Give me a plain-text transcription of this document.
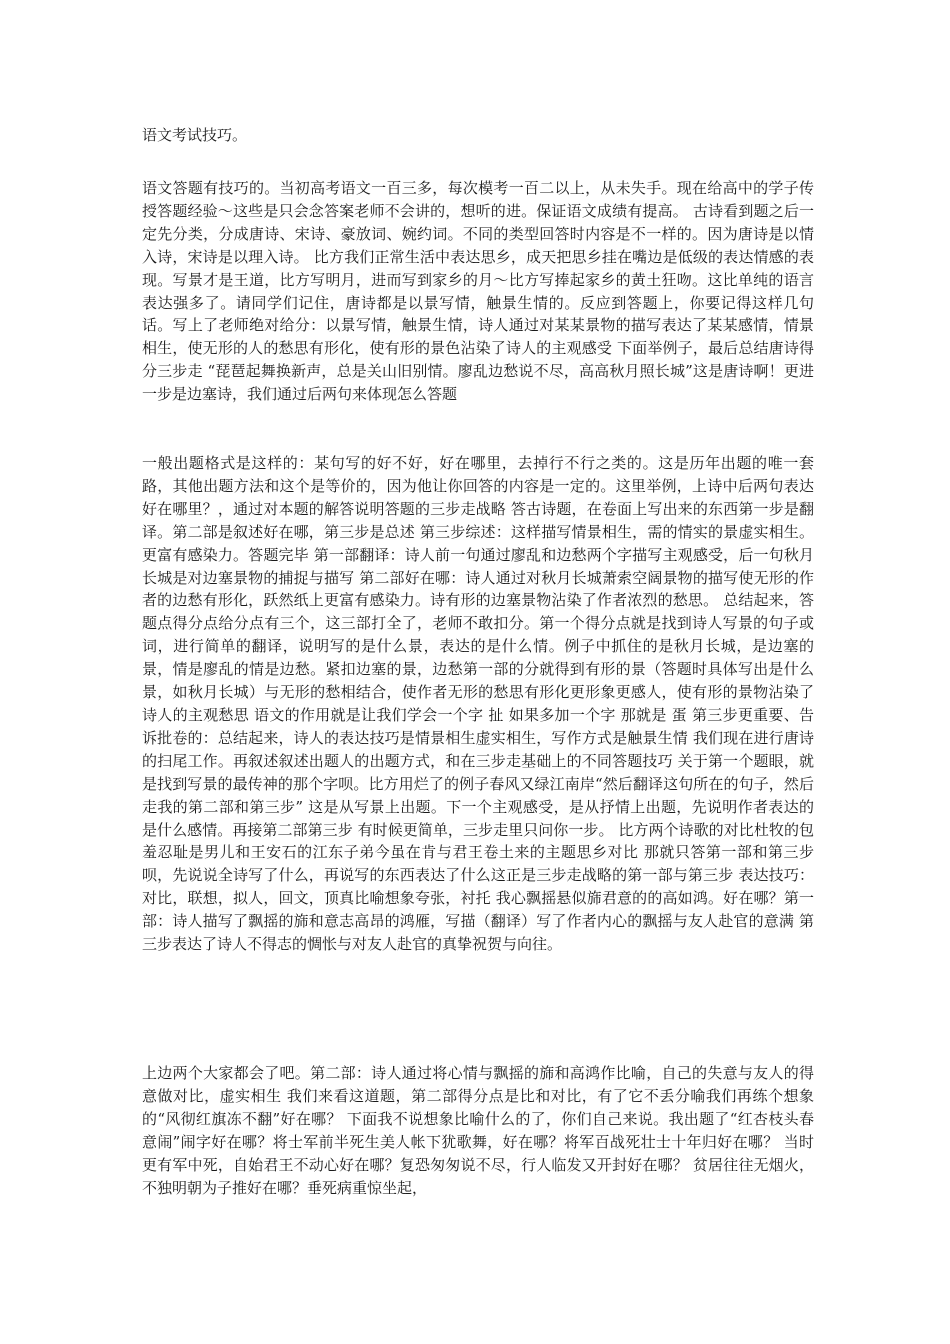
语文考试技巧。

语文答题有技巧的。当初高考语文一百三多，每次模考一百二以上，从未失手。现在给高中的学子传授答题经验～这些是只会念答案老师不会讲的，想听的进。保证语文成绩有提高。 古诗看到题之后一定先分类，分成唐诗、宋诗、豪放词、婉约词。不同的类型回答时内容是不一样的。因为唐诗是以情入诗，宋诗是以理入诗。 比方我们正常生活中表达思乡，成天把思乡挂在嘴边是低级的表达情感的表现。写景才是王道，比方写明月，进而写到家乡的月～比方写捧起家乡的黄土狂吻。这比单纯的语言表达强多了。请同学们记住，唐诗都是以景写情，触景生情的。反应到答题上，你要记得这样几句话。写上了老师绝对给分：以景写情，触景生情，诗人通过对某某景物的描写表达了某某感情，情景相生，使无形的人的愁思有形化，使有形的景色沾染了诗人的主观感受 下面举例子，最后总结唐诗得分三步走 “琵琶起舞换新声，总是关山旧别情。廖乱边愁说不尽，高高秋月照长城”这是唐诗啊！更进一步是边塞诗，我们通过后两句来体现怎么答题

一般出题格式是这样的：某句写的好不好，好在哪里，去掉行不行之类的。这是历年出题的唯一套路，其他出题方法和这个是等价的，因为他让你回答的内容是一定的。这里举例，上诗中后两句表达好在哪里？，通过对本题的解答说明答题的三步走战略 答古诗题，在卷面上写出来的东西第一步是翻译。第二部是叙述好在哪，第三步是总述 第三步综述：这样描写情景相生，需的情实的景虚实相生。更富有感染力。答题完毕 第一部翻译：诗人前一句通过廖乱和边愁两个字描写主观感受，后一句秋月长城是对边塞景物的捕捉与描写 第二部好在哪：诗人通过对秋月长城萧索空阔景物的描写使无形的作者的边愁有形化，跃然纸上更富有感染力。诗有形的边塞景物沾染了作者浓烈的愁思。 总结起来，答题点得分点给分点有三个，这三部打全了，老师不敢扣分。第一个得分点就是找到诗人写景的句子或词，进行简单的翻译，说明写的是什么景，表达的是什么情。例子中抓住的是秋月长城，是边塞的景，情是廖乱的情是边愁。紧扣边塞的景，边愁第一部的分就得到有形的景（答题时具体写出是什么景，如秋月长城）与无形的愁相结合，使作者无形的愁思有形化更形象更感人，使有形的景物沾染了诗人的主观愁思 语文的作用就是让我们学会一个字 扯 如果多加一个字 那就是 蛋 第三步更重要、告诉批卷的：总结起来，诗人的表达技巧是情景相生虚实相生，写作方式是触景生情 我们现在进行唐诗的扫尾工作。再叙述叙述出题人的出题方式，和在三步走基础上的不同答题技巧 关于第一个题眼，就是找到写景的最传神的那个字呗。比方用烂了的例子春风又绿江南岸“然后翻译这句所在的句子，然后走我的第二部和第三步” 这是从写景上出题。下一个主观感受，是从抒情上出题，先说明作者表达的是什么感情。再接第二部第三步 有时候更简单，三步走里只问你一步。 比方两个诗歌的对比杜牧的包羞忍耻是男儿和王安石的江东子弟今虽在肯与君王卷土来的主题思乡对比 那就只答第一部和第三步呗，先说说全诗写了什么，再说写的东西表达了什么这正是三步走战略的第一部与第三步 表达技巧：对比，联想，拟人，回文，顶真比喻想象夸张，衬托 我心飘摇悬似旆君意的的高如鸿。好在哪？第一部：诗人描写了飘摇的旆和意志高昂的鸿雁，写描（翻译）写了作者内心的飘摇与友人赴官的意满 第三步表达了诗人不得志的惆怅与对友人赴官的真挚祝贺与向往。

上边两个大家都会了吧。第二部：诗人通过将心情与飘摇的旆和高鸿作比喻，自己的失意与友人的得意做对比，虚实相生 我们来看这道题，第二部得分点是比和对比，有了它不丢分喻我们再练个想象的“风彻红旗冻不翻”好在哪？ 下面我不说想象比喻什么的了，你们自己来说。我出题了“红杏枝头春意闹”闹字好在哪？将士军前半死生美人帐下犹歌舞，好在哪？将军百战死壮士十年归好在哪？ 当时更有军中死，自始君王不动心好在哪？复恐匆匆说不尽，行人临发又开封好在哪？ 贫居往往无烟火，不独明朝为子推好在哪？垂死病重惊坐起，
